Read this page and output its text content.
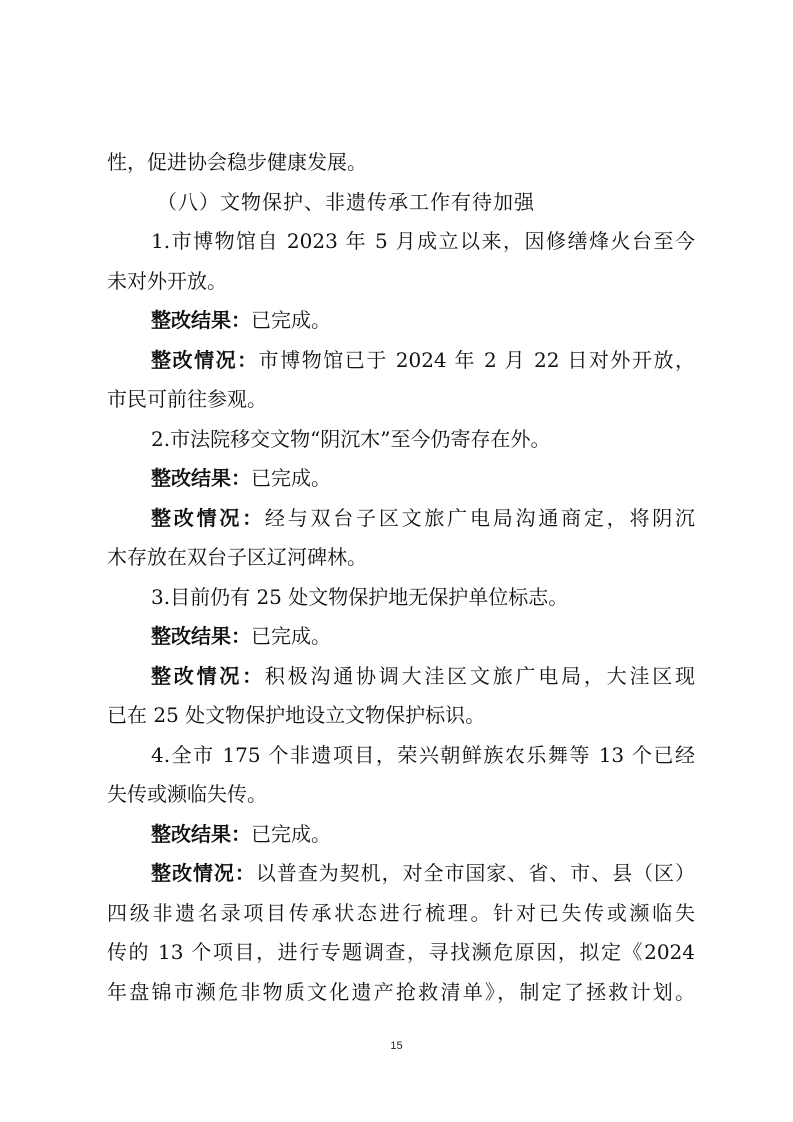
性，促进协会稳步健康发展。
（八）文物保护、非遗传承工作有待加强
1.市博物馆自 2023 年 5 月成立以来，因修缮烽火台至今
未对外开放。
整改结果：已完成。
整改情况：市博物馆已于 2024 年 2 月 22 日对外开放，
市民可前往参观。
2.市法院移交文物“阴沉木”至今仍寄存在外。
整改结果：已完成。
整改情况：经与双台子区文旅广电局沟通商定，将阴沉
木存放在双台子区辽河碑林。
3.目前仍有 25 处文物保护地无保护单位标志。
整改结果：已完成。
整改情况：积极沟通协调大洼区文旅广电局，大洼区现
已在 25 处文物保护地设立文物保护标识。
4.全市 175 个非遗项目，荣兴朝鲜族农乐舞等 13 个已经
失传或濒临失传。
整改结果：已完成。
整改情况：以普查为契机，对全市国家、省、市、县（区）
四级非遗名录项目传承状态进行梳理。针对已失传或濒临失
传的 13 个项目，进行专题调查，寻找濒危原因，拟定《2024
年盘锦市濒危非物质文化遗产抢救清单》，制定了拯救计划。
15
